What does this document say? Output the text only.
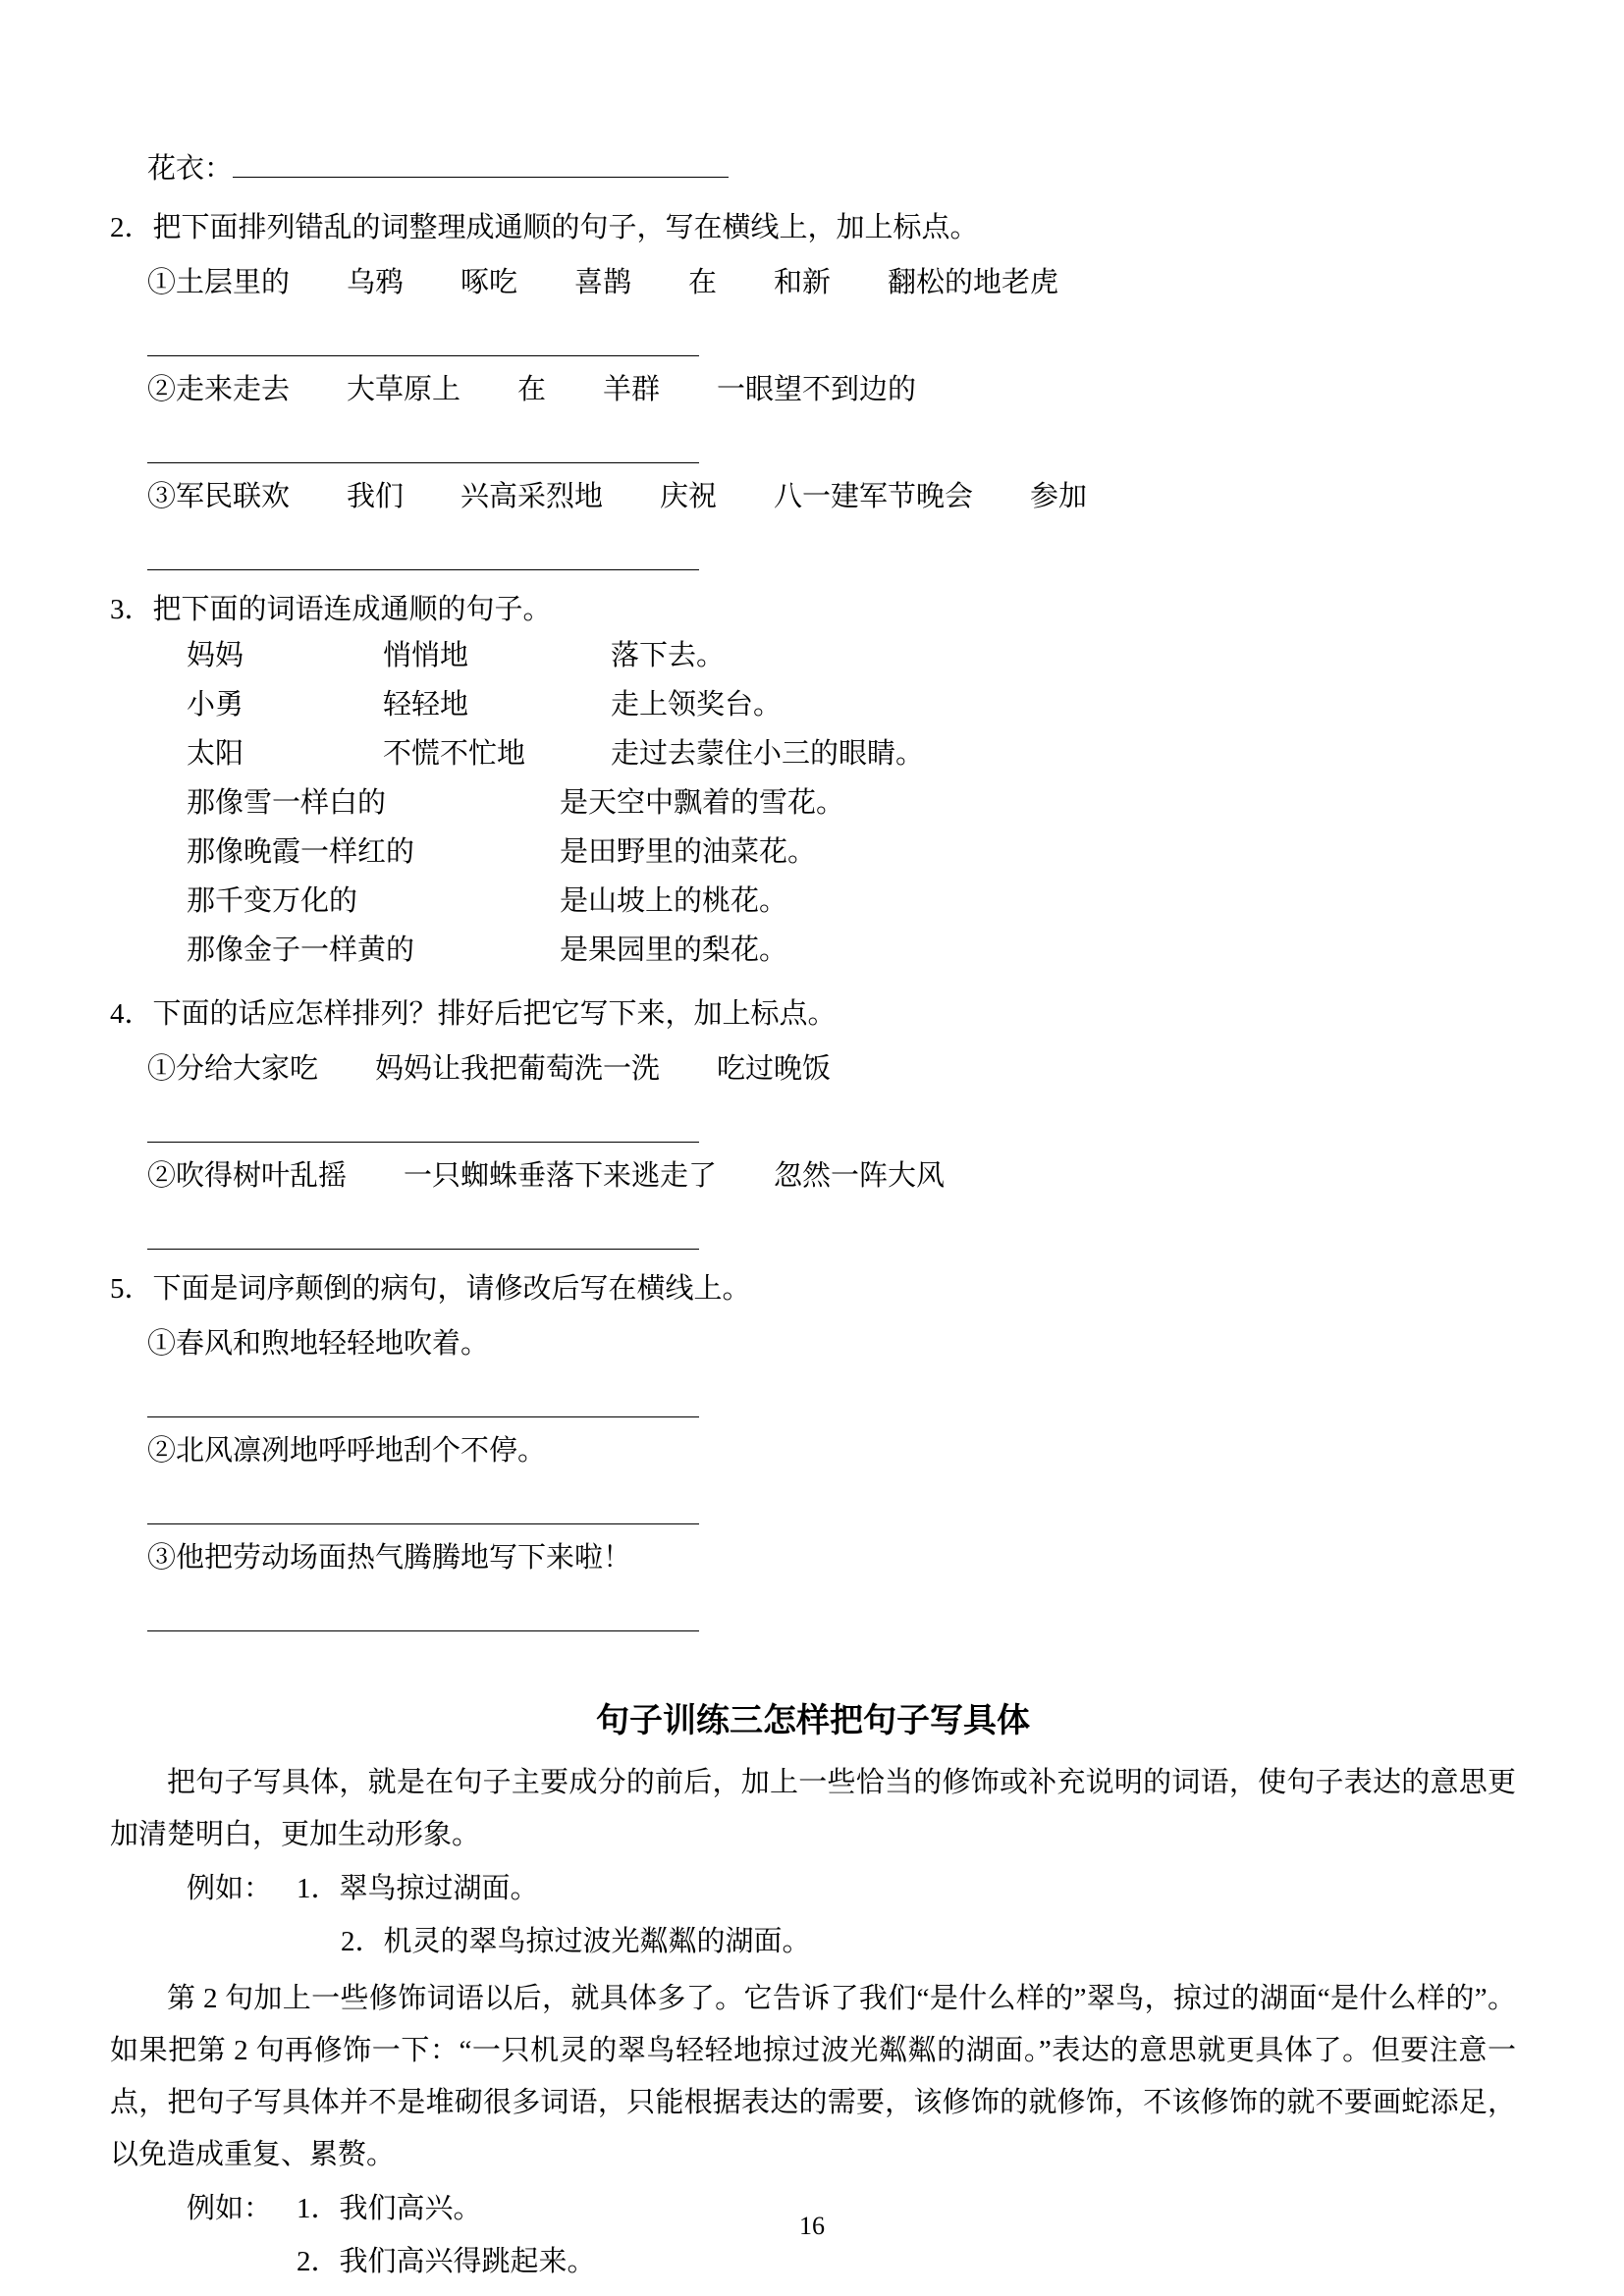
花衣：
2．把下面排列错乱的词整理成通顺的句子，写在横线上，加上标点。
①土层里的　　乌鸦　　啄吃　　喜鹊　　在　　和新　　翻松的地老虎
②走来走去　　大草原上　　在　　羊群　　一眼望不到边的
③军民联欢　　我们　　兴高采烈地　　庆祝　　八一建军节晚会　　参加
3．把下面的词语连成通顺的句子。
妈妈	悄悄地	落下去。
小勇	轻轻地	走上领奖台。
太阳	不慌不忙地	走过去蒙住小三的眼睛。
那像雪一样白的	是天空中飘着的雪花。
那像晚霞一样红的	是田野里的油菜花。
那千变万化的	是山坡上的桃花。
那像金子一样黄的	是果园里的梨花。
4．下面的话应怎样排列？排好后把它写下来，加上标点。
①分给大家吃　　妈妈让我把葡萄洗一洗　　吃过晚饭
②吹得树叶乱摇　　一只蜘蛛垂落下来逃走了　　忽然一阵大风
5．下面是词序颠倒的病句，请修改后写在横线上。
①春风和煦地轻轻地吹着。
②北风凛冽地呼呼地刮个不停。
③他把劳动场面热气腾腾地写下来啦！
句子训练三怎样把句子写具体
把句子写具体，就是在句子主要成分的前后，加上一些恰当的修饰或补充说明的词语，使句子表达的意思更加清楚明白，更加生动形象。
例如： 1．翠鸟掠过湖面。
2．机灵的翠鸟掠过波光粼粼的湖面。
第 2 句加上一些修饰词语以后，就具体多了。它告诉了我们“是什么样的”翠鸟，掠过的湖面“是什么样的”。如果把第 2 句再修饰一下：“一只机灵的翠鸟轻轻地掠过波光粼粼的湖面。”表达的意思就更具体了。但要注意一点，把句子写具体并不是堆砌很多词语，只能根据表达的需要，该修饰的就修饰，不该修饰的就不要画蛇添足，以免造成重复、累赘。
例如： 1．我们高兴。
2．我们高兴得跳起来。
16
